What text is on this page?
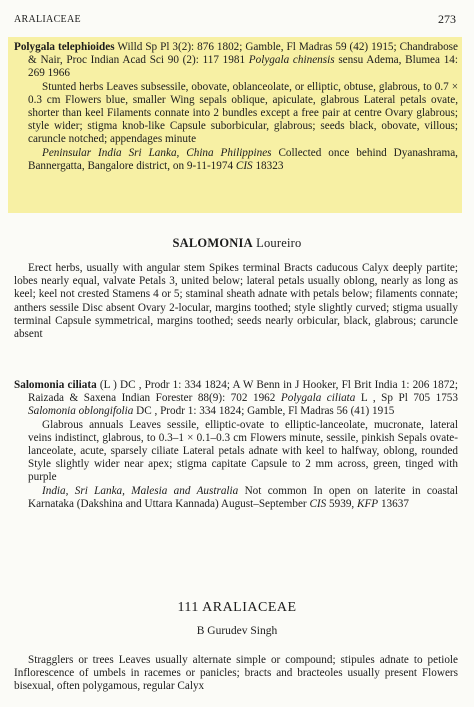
ARALIACEAE	273

Polygala telephioides Willd Sp Pl 3(2): 876 1802; Gamble, Fl Madras 59 (42) 1915; Chandrabose & Nair, Proc Indian Acad Sci 90 (2): 117 1981 Polygala chinensis sensu Adema, Blumea 14: 269 1966

Stunted herbs Leaves subsessile, obovate, oblanceolate, or elliptic, obtuse, glabrous, to 0.7 × 0.3 cm Flowers blue, smaller Wing sepals oblique, apiculate, glabrous Lateral petals ovate, shorter than keel Filaments connate into 2 bundles except a free pair at centre Ovary glabrous; style wider; stigma knob-like Capsule suborbicular, glabrous; seeds black, obovate, villous; caruncle notched; appendages minute

Peninsular India Sri Lanka, China Philippines Collected once behind Dyanashrama, Bannergatta, Bangalore district, on 9-11-1974 CIS 18323

SALOMONIA Loureiro

Erect herbs, usually with angular stem Spikes terminal Bracts caducous Calyx deeply partite; lobes nearly equal, valvate Petals 3, united below; lateral petals usually oblong, nearly as long as keel; keel not crested Stamens 4 or 5; staminal sheath adnate with petals below; filaments connate; anthers sessile Disc absent Ovary 2-locular, margins toothed; style slightly curved; stigma usually terminal Capsule symmetrical, margins toothed; seeds nearly orbicular, black, glabrous; caruncle absent

Salomonia ciliata (L ) DC , Prodr 1: 334 1824; A W Benn in J Hooker, Fl Brit India 1: 206 1872; Raizada & Saxena Indian Forester 88(9): 702 1962 Polygala ciliata L , Sp Pl 705 1753 Salomonia oblongifolia DC , Prodr 1: 334 1824; Gamble, Fl Madras 56 (41) 1915

Glabrous annuals Leaves sessile, elliptic-ovate to elliptic-lanceolate, mucronate, lateral veins indistinct, glabrous, to 0.3–1 × 0.1–0.3 cm Flowers minute, sessile, pinkish Sepals ovate-lanceolate, acute, sparsely ciliate Lateral petals adnate with keel to halfway, oblong, rounded Style slightly wider near apex; stigma capitate Capsule to 2 mm across, green, tinged with purple

India, Sri Lanka, Malesia and Australia Not common In open on laterite in coastal Karnataka (Dakshina and Uttara Kannada) August–September CIS 5939, KFP 13637

111 ARALIACEAE
B Gurudev Singh

Stragglers or trees Leaves usually alternate simple or compound; stipules adnate to petiole Inflorescence of umbels in racemes or panicles; bracts and bracteoles usually present Flowers bisexual, often polygamous, regular Calyx
